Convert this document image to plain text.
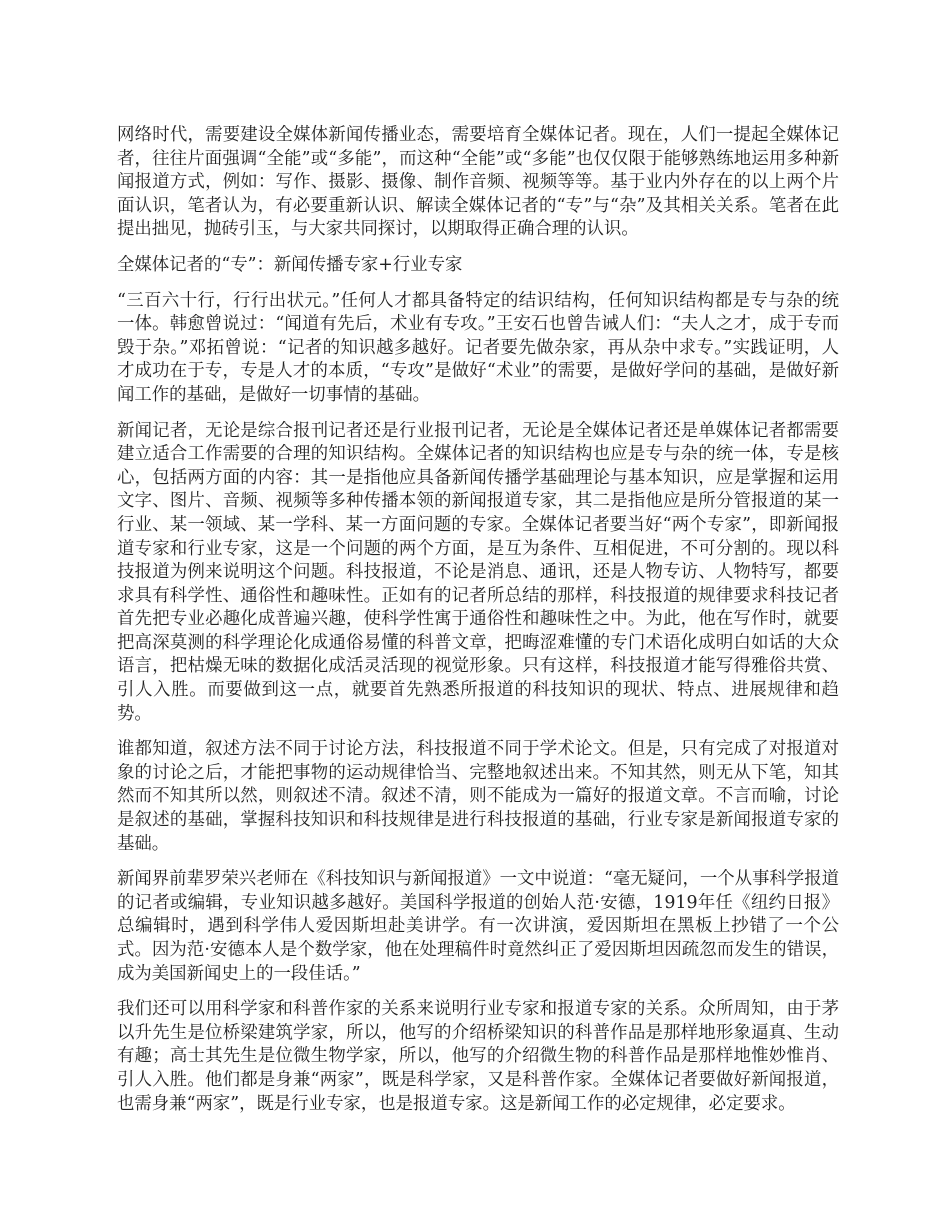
网络时代，需要建设全媒体新闻传播业态，需要培育全媒体记者。现在，人们一提起全媒体记者，往往片面强调“全能”或“多能”，而这种“全能”或“多能”也仅仅限于能够熟练地运用多种新闻报道方式，例如：写作、摄影、摄像、制作音频、视频等等。基于业内外存在的以上两个片面认识，笔者认为，有必要重新认识、解读全媒体记者的“专”与“杂”及其相关关系。笔者在此提出拙见，抛砖引玉，与大家共同探讨，以期取得正确合理的认识。

全媒体记者的“专”：新闻传播专家+行业专家

“三百六十行，行行出状元。”任何人才都具备特定的结识结构，任何知识结构都是专与杂的统一体。韩愈曾说过：“闻道有先后，术业有专攻。”王安石也曾告诫人们：“夫人之才，成于专而毁于杂。”邓拓曾说：“记者的知识越多越好。记者要先做杂家，再从杂中求专。”实践证明，人才成功在于专，专是人才的本质，“专攻”是做好“术业”的需要，是做好学问的基础，是做好新闻工作的基础，是做好一切事情的基础。

新闻记者，无论是综合报刊记者还是行业报刊记者，无论是全媒体记者还是单媒体记者都需要建立适合工作需要的合理的知识结构。全媒体记者的知识结构也应是专与杂的统一体，专是核心，包括两方面的内容：其一是指他应具备新闻传播学基础理论与基本知识，应是掌握和运用文字、图片、音频、视频等多种传播本领的新闻报道专家，其二是指他应是所分管报道的某一行业、某一领域、某一学科、某一方面问题的专家。全媒体记者要当好“两个专家”，即新闻报道专家和行业专家，这是一个问题的两个方面，是互为条件、互相促进，不可分割的。现以科技报道为例来说明这个问题。科技报道，不论是消息、通讯，还是人物专访、人物特写，都要求具有科学性、通俗性和趣味性。正如有的记者所总结的那样，科技报道的规律要求科技记者首先把专业必趣化成普遍兴趣，使科学性寓于通俗性和趣味性之中。为此，他在写作时，就要把高深莫测的科学理论化成通俗易懂的科普文章，把晦涩难懂的专门术语化成明白如话的大众语言，把枯燥无味的数据化成活灵活现的视觉形象。只有这样，科技报道才能写得雅俗共赏、引人入胜。而要做到这一点，就要首先熟悉所报道的科技知识的现状、特点、进展规律和趋势。

谁都知道，叙述方法不同于讨论方法，科技报道不同于学术论文。但是，只有完成了对报道对象的讨论之后，才能把事物的运动规律恰当、完整地叙述出来。不知其然，则无从下笔，知其然而不知其所以然，则叙述不清。叙述不清，则不能成为一篇好的报道文章。不言而喻，讨论是叙述的基础，掌握科技知识和科技规律是进行科技报道的基础，行业专家是新闻报道专家的基础。

新闻界前辈罗荣兴老师在《科技知识与新闻报道》一文中说道：“毫无疑问，一个从事科学报道的记者或编辑，专业知识越多越好。美国科学报道的创始人范·安德，1919年任《纽约日报》总编辑时，遇到科学伟人爱因斯坦赴美讲学。有一次讲演，爱因斯坦在黑板上抄错了一个公式。因为范·安德本人是个数学家，他在处理稿件时竟然纠正了爱因斯坦因疏忽而发生的错误，成为美国新闻史上的一段佳话。”

我们还可以用科学家和科普作家的关系来说明行业专家和报道专家的关系。众所周知，由于茅以升先生是位桥梁建筑学家，所以，他写的介绍桥梁知识的科普作品是那样地形象逼真、生动有趣；高士其先生是位微生物学家，所以，他写的介绍微生物的科普作品是那样地惟妙惟肖、引人入胜。他们都是身兼“两家”，既是科学家，又是科普作家。全媒体记者要做好新闻报道，也需身兼“两家”，既是行业专家，也是报道专家。这是新闻工作的必定规律，必定要求。
